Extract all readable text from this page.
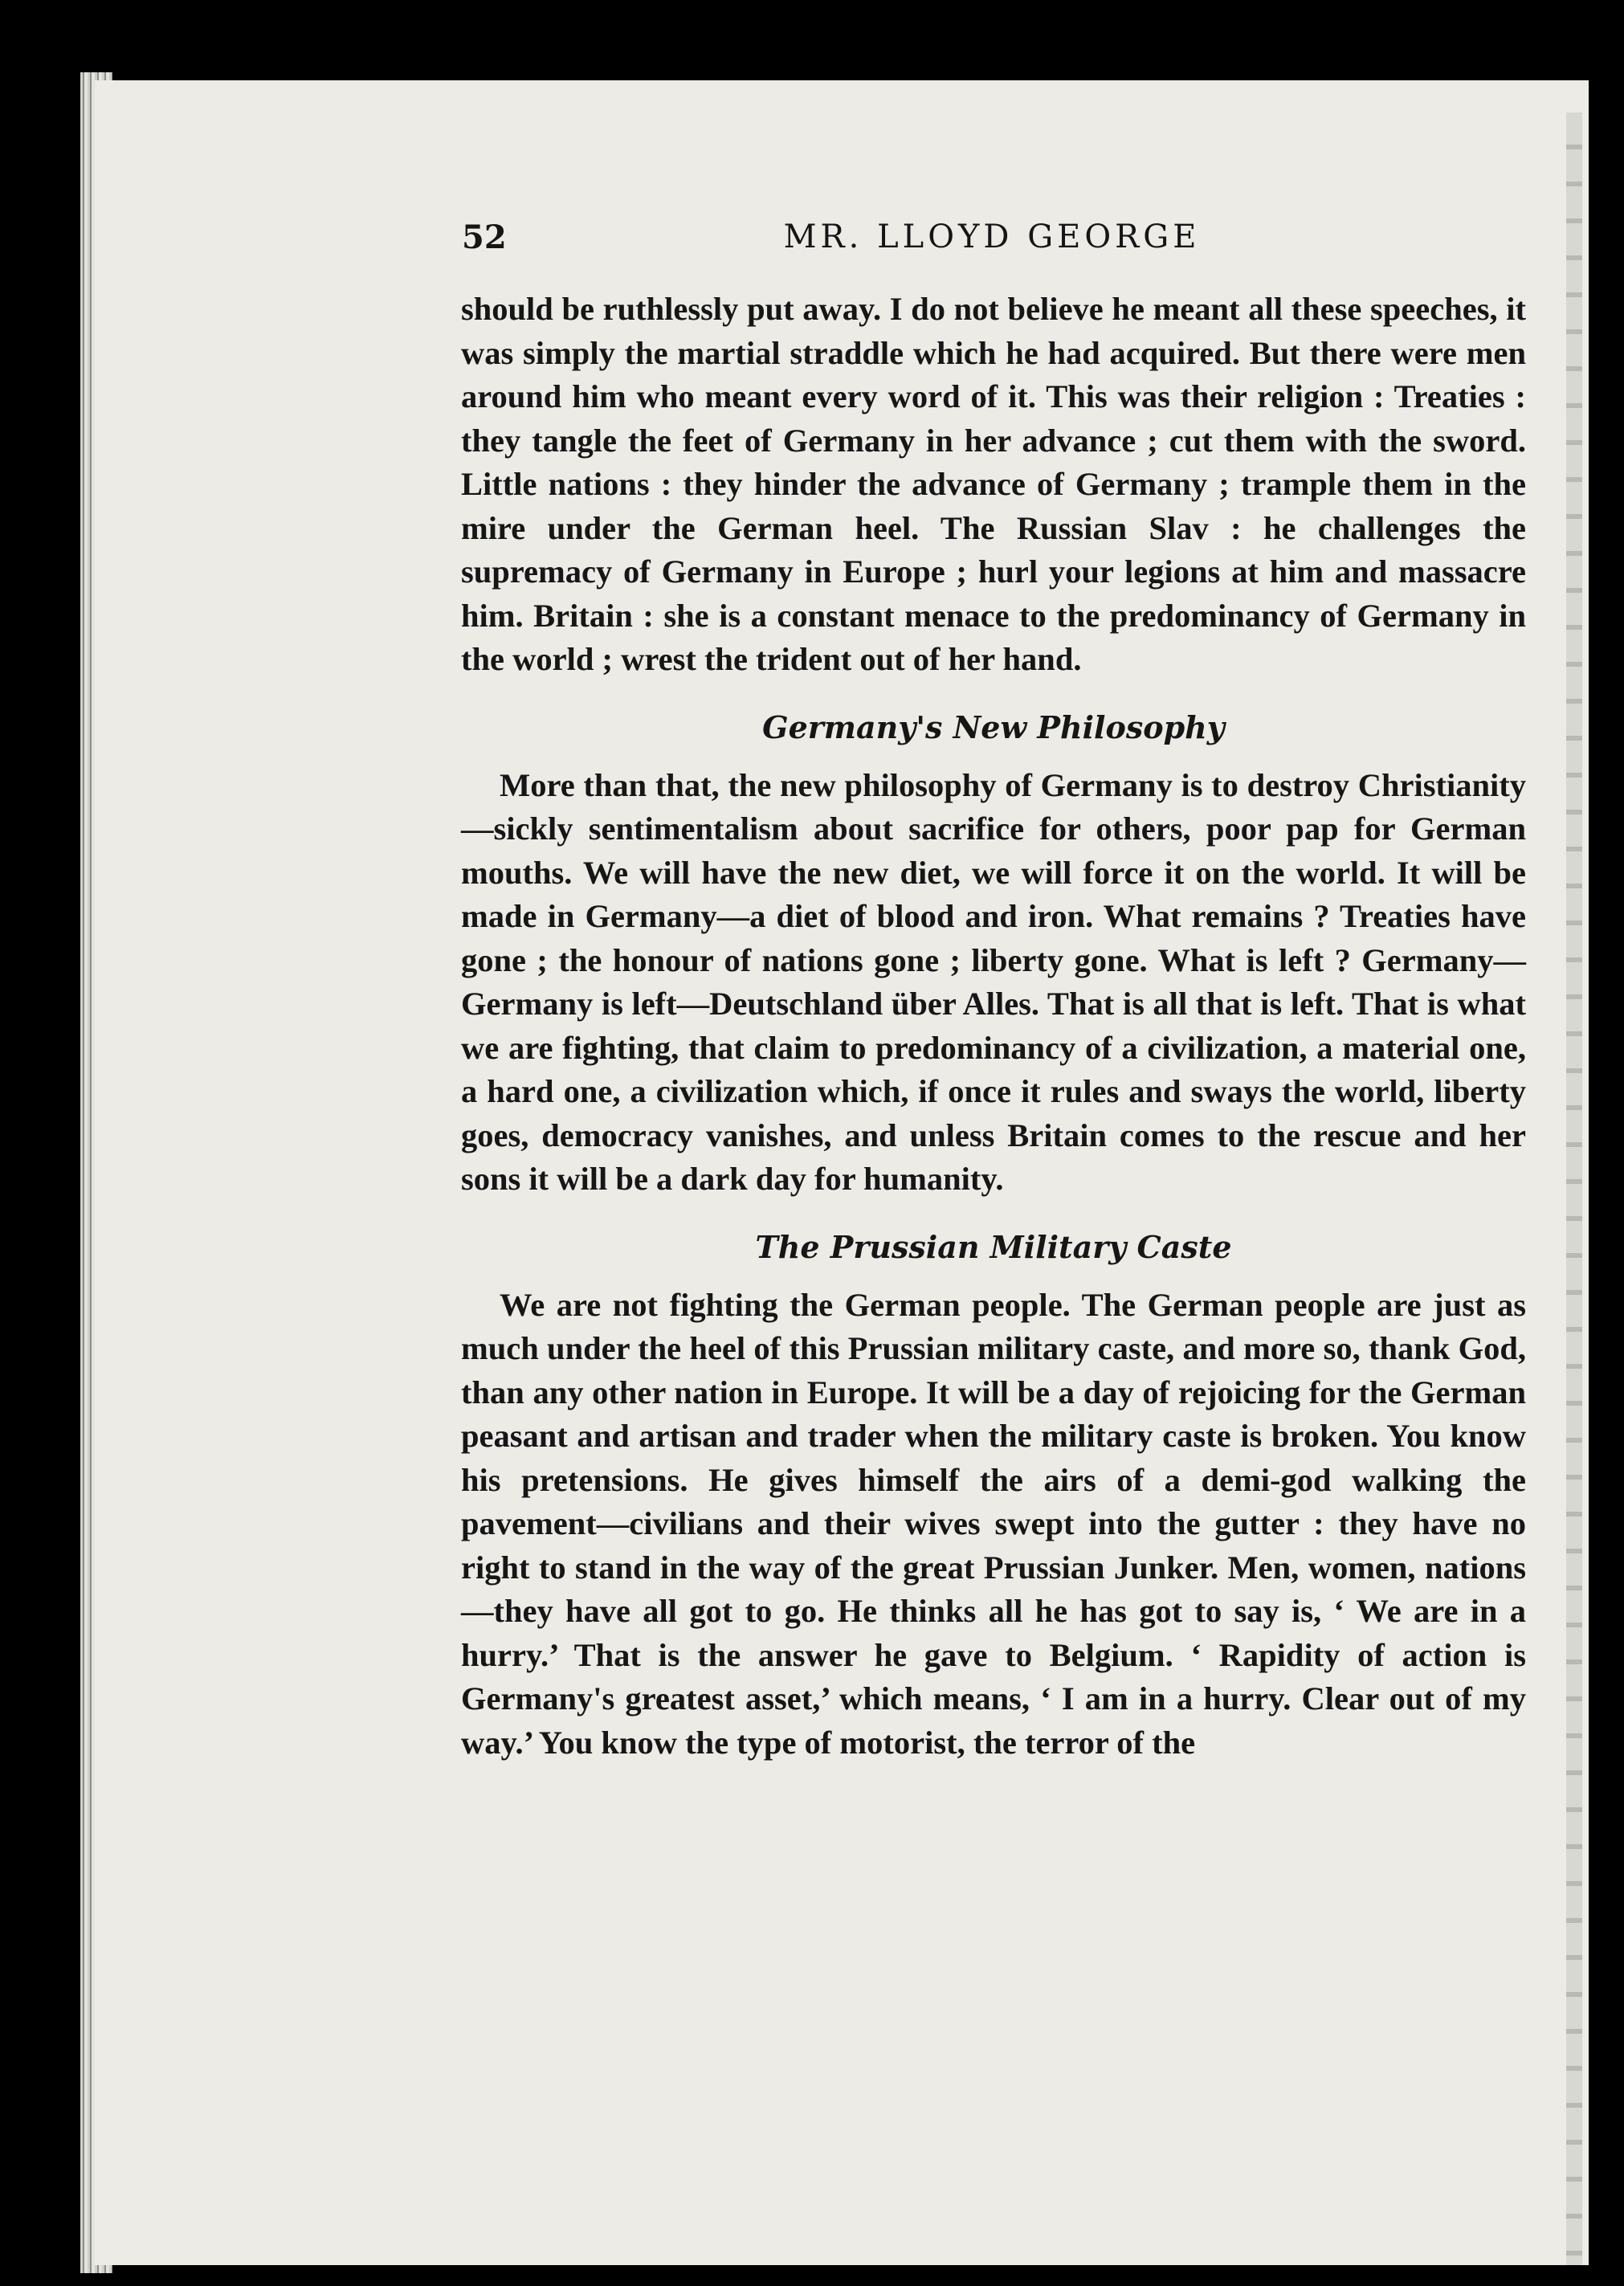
52	MR. LLOYD GEORGE

should be ruthlessly put away. I do not believe he meant all these speeches, it was simply the martial straddle which he had acquired. But there were men around him who meant every word of it. This was their religion : Treaties : they tangle the feet of Germany in her advance ; cut them with the sword. Little nations : they hinder the advance of Germany ; trample them in the mire under the German heel. The Russian Slav : he challenges the supremacy of Germany in Europe ; hurl your legions at him and massacre him. Britain : she is a constant menace to the predominancy of Germany in the world ; wrest the trident out of her hand.

Germany's New Philosophy

More than that, the new philosophy of Germany is to destroy Christianity—sickly sentimentalism about sacrifice for others, poor pap for German mouths. We will have the new diet, we will force it on the world. It will be made in Germany—a diet of blood and iron. What remains ? Treaties have gone ; the honour of nations gone ; liberty gone. What is left ? Germany—Germany is left—Deutschland über Alles. That is all that is left. That is what we are fighting, that claim to predominancy of a civilization, a material one, a hard one, a civilization which, if once it rules and sways the world, liberty goes, democracy vanishes, and unless Britain comes to the rescue and her sons it will be a dark day for humanity.

The Prussian Military Caste

We are not fighting the German people. The German people are just as much under the heel of this Prussian military caste, and more so, thank God, than any other nation in Europe. It will be a day of rejoicing for the German peasant and artisan and trader when the military caste is broken. You know his pretensions. He gives himself the airs of a demi-god walking the pavement—civilians and their wives swept into the gutter : they have no right to stand in the way of the great Prussian Junker. Men, women, nations—they have all got to go. He thinks all he has got to say is, ‘ We are in a hurry.’ That is the answer he gave to Belgium. ‘ Rapidity of action is Germany's greatest asset,’ which means, ‘ I am in a hurry. Clear out of my way.’ You know the type of motorist, the terror of the
